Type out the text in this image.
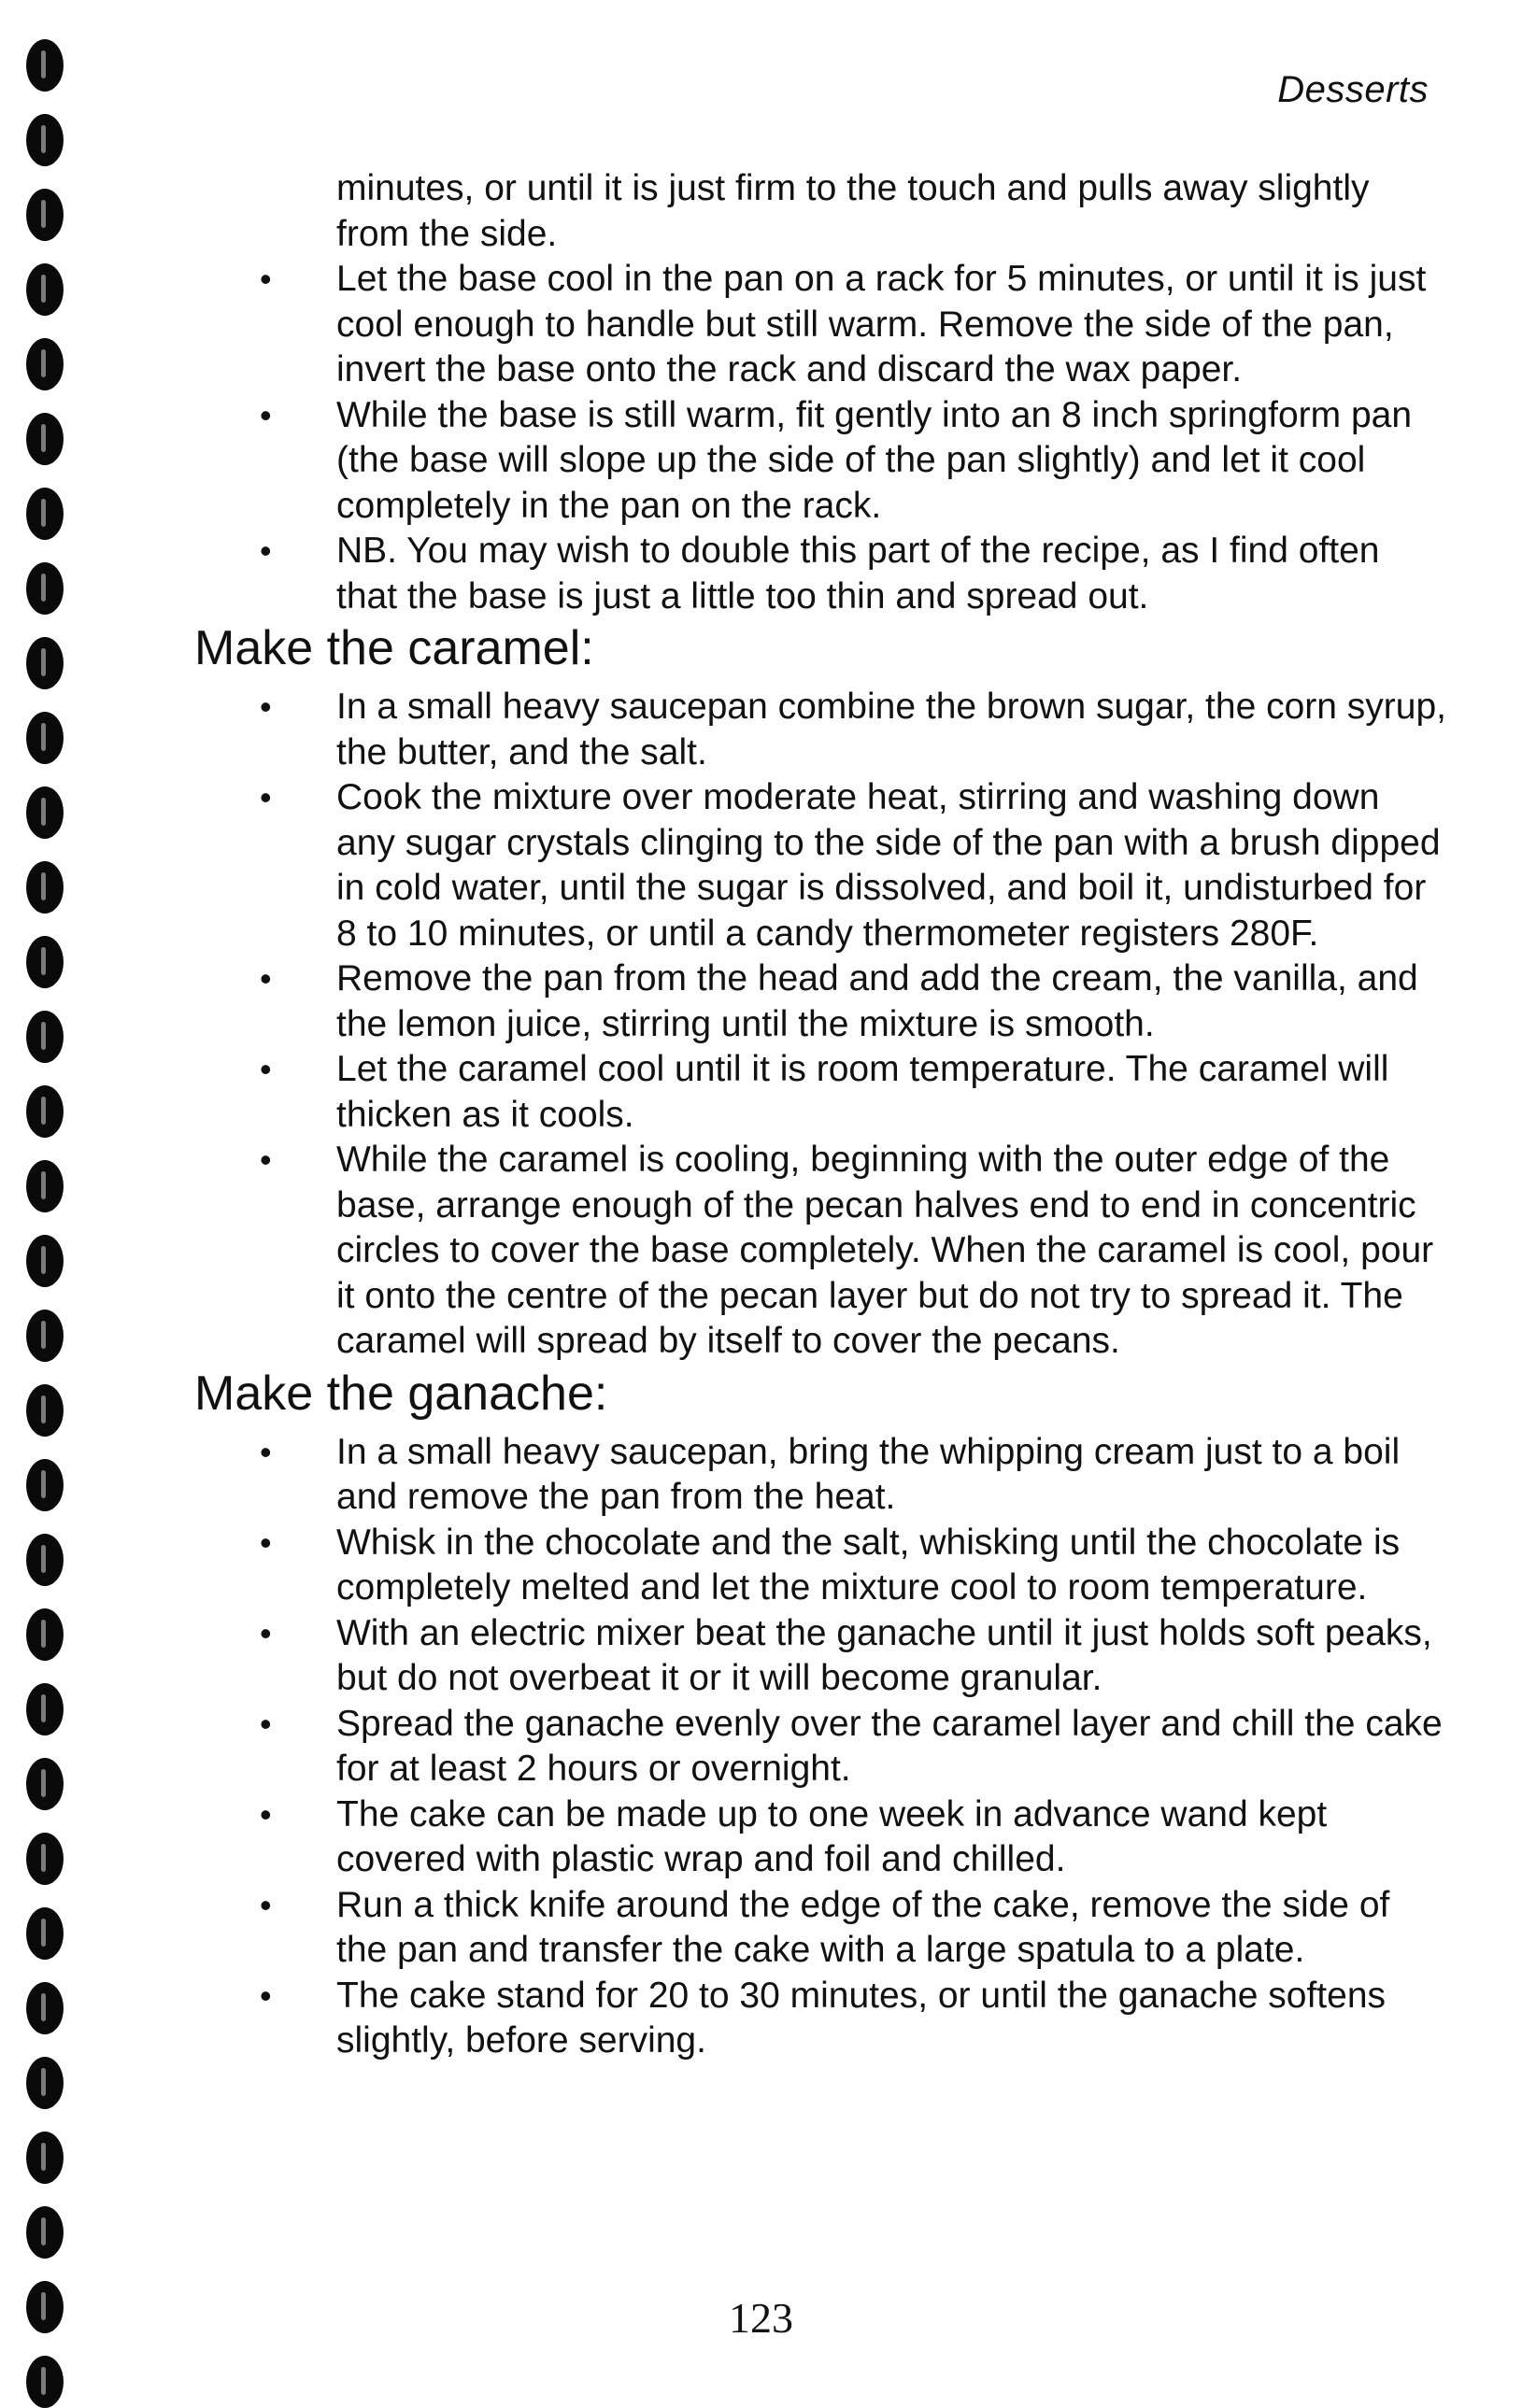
Desserts
minutes, or until it is just firm to the touch and pulls away slightly from the side.
• Let the base cool in the pan on a rack for 5 minutes, or until it is just cool enough to handle but still warm. Remove the side of the pan, invert the base onto the rack and discard the wax paper.
• While the base is still warm, fit gently into an 8 inch springform pan (the base will slope up the side of the pan slightly) and let it cool completely in the pan on the rack.
• NB. You may wish to double this part of the recipe, as I find often that the base is just a little too thin and spread out.
Make the caramel:
• In a small heavy saucepan combine the brown sugar, the corn syrup, the butter, and the salt.
• Cook the mixture over moderate heat, stirring and washing down any sugar crystals clinging to the side of the pan with a brush dipped in cold water, until the sugar is dissolved, and boil it, undisturbed for 8 to 10 minutes, or until a candy thermometer registers 280F.
• Remove the pan from the head and add the cream, the vanilla, and the lemon juice, stirring until the mixture is smooth.
• Let the caramel cool until it is room temperature. The caramel will thicken as it cools.
• While the caramel is cooling, beginning with the outer edge of the base, arrange enough of the pecan halves end to end in concentric circles to cover the base completely. When the caramel is cool, pour it onto the centre of the pecan layer but do not try to spread it. The caramel will spread by itself to cover the pecans.
Make the ganache:
• In a small heavy saucepan, bring the whipping cream just to a boil and remove the pan from the heat.
• Whisk in the chocolate and the salt, whisking until the chocolate is completely melted and let the mixture cool to room temperature.
• With an electric mixer beat the ganache until it just holds soft peaks, but do not overbeat it or it will become granular.
• Spread the ganache evenly over the caramel layer and chill the cake for at least 2 hours or overnight.
• The cake can be made up to one week in advance wand kept covered with plastic wrap and foil and chilled.
• Run a thick knife around the edge of the cake, remove the side of the pan and transfer the cake with a large spatula to a plate.
• The cake stand for 20 to 30 minutes, or until the ganache softens slightly, before serving.
123
